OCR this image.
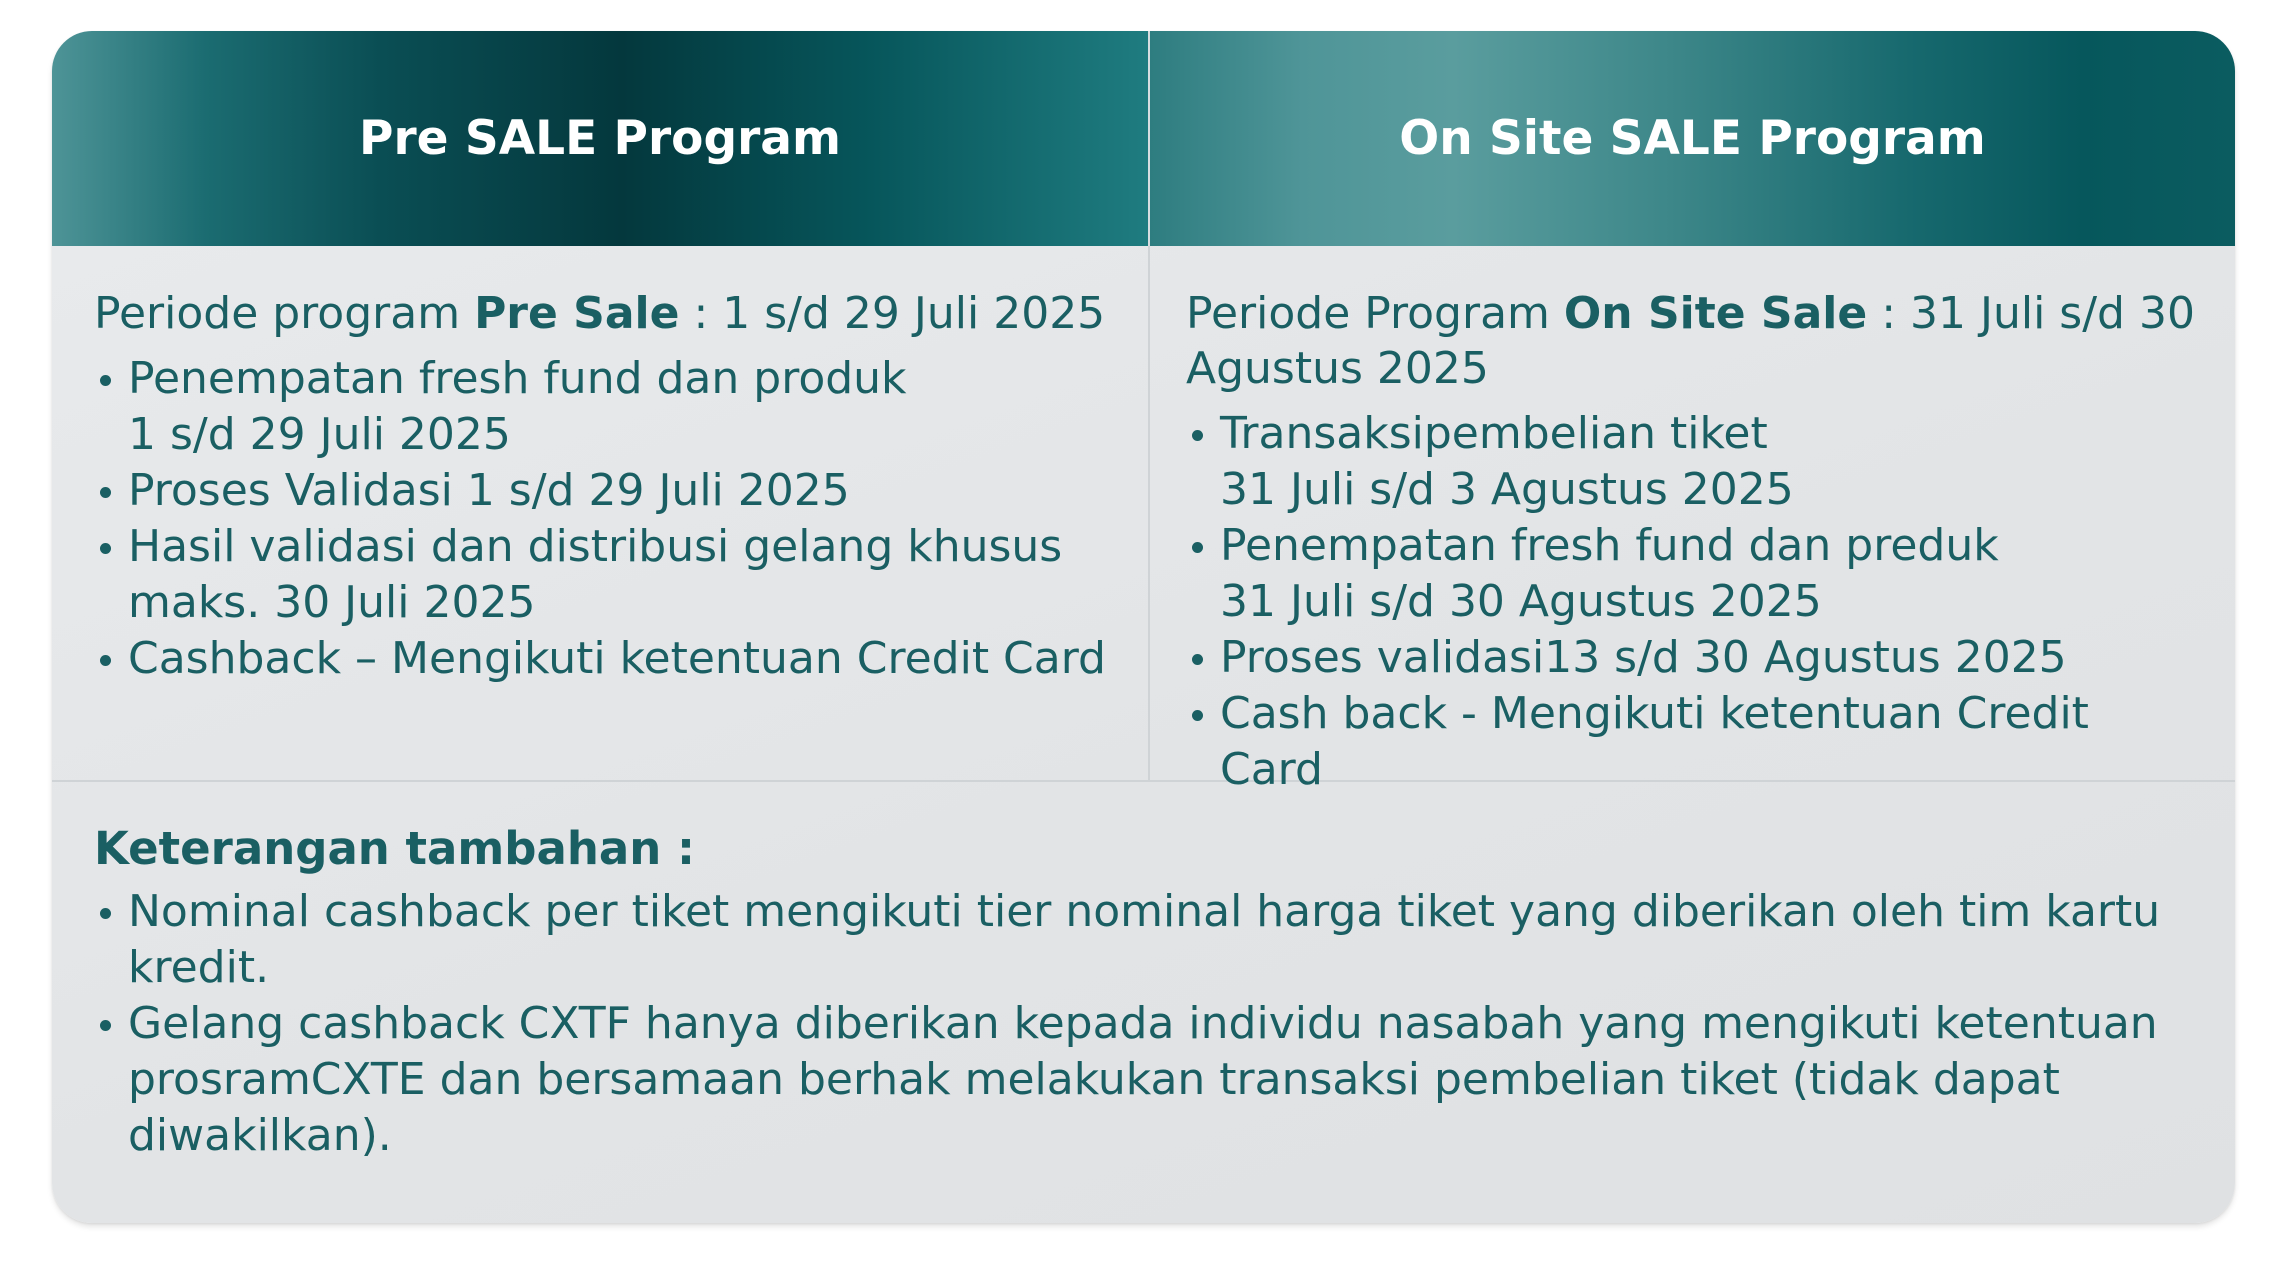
Pre SALE Program	On Site SALE Program

Periode program Pre Sale : 1 s/d 29 Juli 2025

Penempatan fresh fund dan produk
1 s/d 29 Juli 2025
Proses Validasi 1 s/d 29 Juli 2025
Hasil validasi dan distribusi gelang khusus
maks. 30 Juli 2025
Cashback – Mengikuti ketentuan Credit Card

Periode Program On Site Sale : 31 Juli s/d 30
Agustus 2025

Transaksipembelian tiket
31 Juli s/d 3 Agustus 2025
Penempatan fresh fund dan preduk
31 Juli s/d 30 Agustus 2025
Proses validasi13 s/d 30 Agustus 2025
Cash back - Mengikuti ketentuan Credit Card

Keterangan tambahan :

Nominal cashback per tiket mengikuti tier nominal harga tiket yang diberikan oleh tim kartu
kredit.
Gelang cashback CXTF hanya diberikan kepada individu nasabah yang mengikuti ketentuan
prosramCXTE dan bersamaan berhak melakukan transaksi pembelian tiket (tidak dapat
diwakilkan).
